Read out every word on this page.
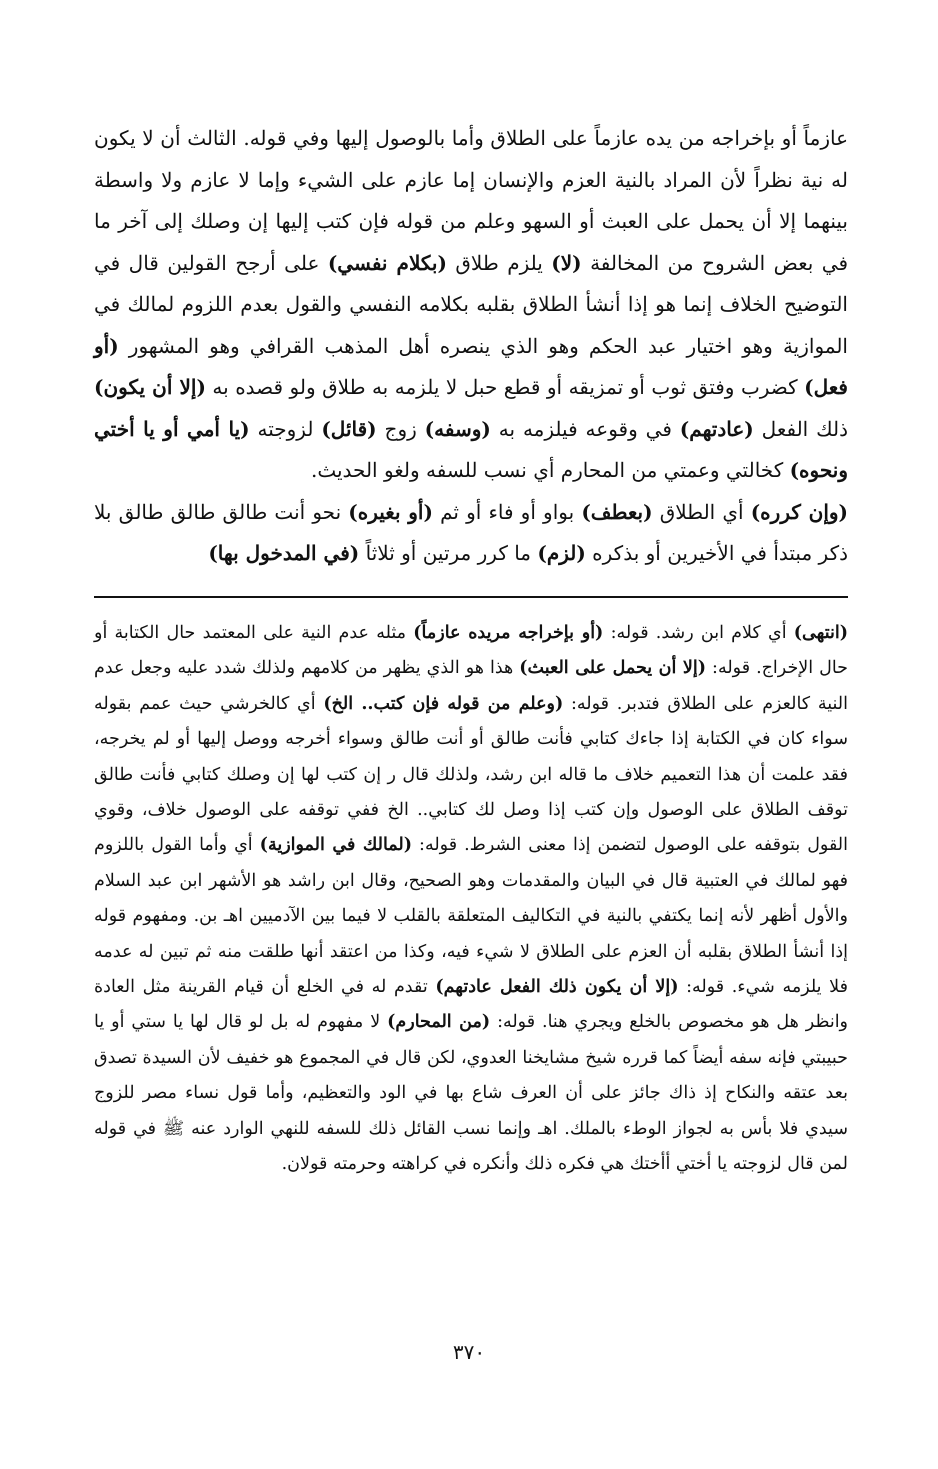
عازماً أو بإخراجه من يده عازماً على الطلاق وأما بالوصول إليها وفي قوله. الثالث أن لا يكون له نية نظراً لأن المراد بالنية العزم والإنسان إما عازم على الشيء وإما لا عازم ولا واسطة بينهما إلا أن يحمل على العبث أو السهو وعلم من قوله فإن كتب إليها إن وصلك إلى آخر ما في بعض الشروح من المخالفة (لا) يلزم طلاق (بكلام نفسي) على أرجح القولين قال في التوضيح الخلاف إنما هو إذا أنشأ الطلاق بقلبه بكلامه النفسي والقول بعدم اللزوم لمالك في الموازية وهو اختيار عبد الحكم وهو الذي ينصره أهل المذهب القرافي وهو المشهور (أو فعل) كضرب وفتق ثوب أو تمزيقه أو قطع حبل لا يلزمه به طلاق ولو قصده به (إلا أن يكون) ذلك الفعل (عادتهم) في وقوعه فيلزمه به (وسفه) زوج (قائل) لزوجته (يا أمي أو يا أختي ونحوه) كخالتي وعمتي من المحارم أي نسب للسفه ولغو الحديث.

(وإن كرره) أي الطلاق (بعطف) بواو أو فاء أو ثم (أو بغيره) نحو أنت طالق طالق طالق بلا ذكر مبتدأ في الأخيرين أو بذكره (لزم) ما كرر مرتين أو ثلاثاً (في المدخول بها)

(انتهى) أي كلام ابن رشد. قوله: (أو بإخراجه مريده عازماً) مثله عدم النية على المعتمد حال الكتابة أو حال الإخراج. قوله: (إلا أن يحمل على العبث) هذا هو الذي يظهر من كلامهم ولذلك شدد عليه وجعل عدم النية كالعزم على الطلاق فتدبر. قوله: (وعلم من قوله فإن كتب.. الخ) أي كالخرشي حيث عمم بقوله سواء كان في الكتابة إذا جاءك كتابي فأنت طالق أو أنت طالق وسواء أخرجه ووصل إليها أو لم يخرجه، فقد علمت أن هذا التعميم خلاف ما قاله ابن رشد، ولذلك قال ر إن كتب لها إن وصلك كتابي فأنت طالق توقف الطلاق على الوصول وإن كتب إذا وصل لك كتابي.. الخ ففي توقفه على الوصول خلاف، وقوي القول بتوقفه على الوصول لتضمن إذا معنى الشرط. قوله: (لمالك في الموازية) أي وأما القول باللزوم فهو لمالك في العتبية قال في البيان والمقدمات وهو الصحيح، وقال ابن راشد هو الأشهر ابن عبد السلام والأول أظهر لأنه إنما يكتفي بالنية في التكاليف المتعلقة بالقلب لا فيما بين الآدميين اهـ بن. ومفهوم قوله إذا أنشأ الطلاق بقلبه أن العزم على الطلاق لا شيء فيه، وكذا من اعتقد أنها طلقت منه ثم تبين له عدمه فلا يلزمه شيء. قوله: (إلا أن يكون ذلك الفعل عادتهم) تقدم له في الخلع أن قيام القرينة مثل العادة وانظر هل هو مخصوص بالخلع ويجري هنا. قوله: (من المحارم) لا مفهوم له بل لو قال لها يا ستي أو يا حبيبتي فإنه سفه أيضاً كما قرره شيخ مشايخنا العدوي، لكن قال في المجموع هو خفيف لأن السيدة تصدق بعد عتقه والنكاح إذ ذاك جائز على أن العرف شاع بها في الود والتعظيم، وأما قول نساء مصر للزوج سيدي فلا بأس به لجواز الوطء بالملك. اهـ وإنما نسب القائل ذلك للسفه للنهي الوارد عنه ﷺ في قوله لمن قال لزوجته يا أختي أأختك هي فكره ذلك وأنكره في كراهته وحرمته قولان.

٣٧٠
